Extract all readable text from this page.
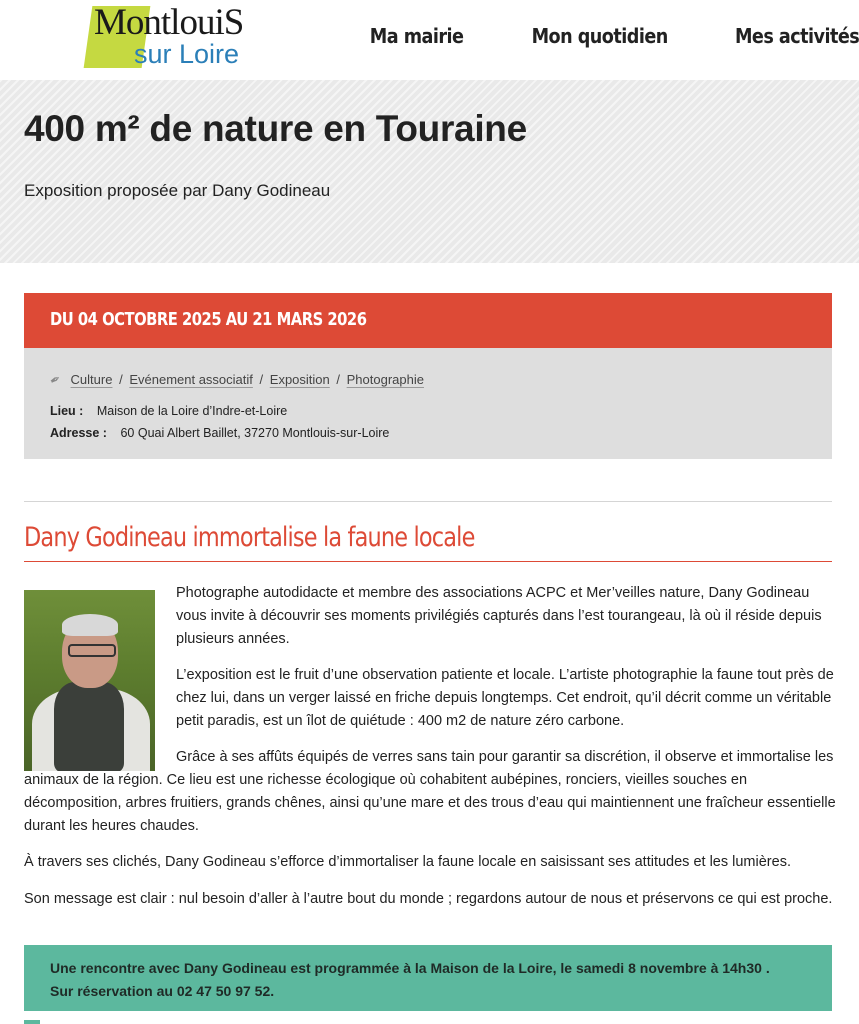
MontlouiS
sur Loire
Ma mairie	Mon quotidien	Mes activités
400 m² de nature en Touraine
Exposition proposée par Dany Godineau
DU 04 OCTOBRE 2025 AU 21 MARS 2026
✒ Culture / Evénement associatif / Exposition / Photographie
Lieu : Maison de la Loire d’Indre-et-Loire
Adresse : 60 Quai Albert Baillet, 37270 Montlouis-sur-Loire
Dany Godineau immortalise la faune locale

Photographe autodidacte et membre des associations ACPC et Mer’veilles nature, Dany Godineau vous invite à découvrir ses moments privilégiés capturés dans l’est tourangeau, là où il réside depuis plusieurs années.

L’exposition est le fruit d’une observation patiente et locale. L’artiste photographie la faune tout près de chez lui, dans un verger laissé en friche depuis longtemps. Cet endroit, qu’il décrit comme un véritable petit paradis, est un îlot de quiétude : 400 m2 de nature zéro carbone.

Grâce à ses affûts équipés de verres sans tain pour garantir sa discrétion, il observe et immortalise les animaux de la région. Ce lieu est une richesse écologique où cohabitent aubépines, ronciers, vieilles souches en décomposition, arbres fruitiers, grands chênes, ainsi qu’une mare et des trous d’eau qui maintiennent une fraîcheur essentielle durant les heures chaudes.

À travers ses clichés, Dany Godineau s’efforce d’immortaliser la faune locale en saisissant ses attitudes et les lumières.

Son message est clair : nul besoin d’aller à l’autre bout du monde ; regardons autour de nous et préservons ce qui est proche.

Une rencontre avec Dany Godineau est programmée à la Maison de la Loire, le samedi 8 novembre à 14h30 .
Sur réservation au 02 47 50 97 52.
